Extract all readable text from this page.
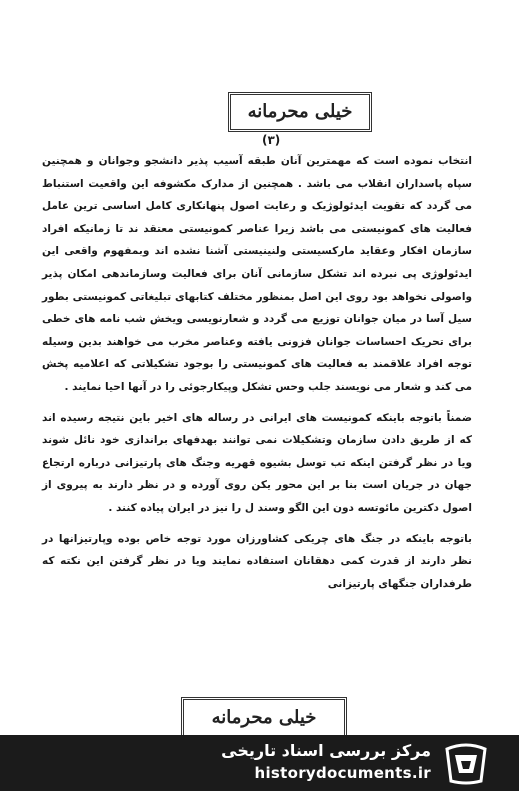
خیلی محرمانه
(۳)

انتخاب نموده است که مهمترین آنان طبقه آسیب پذیر دانشجو وجوانان و همچنین سپاه پاسداران انقلاب می باشد . همچنین از مدارک مکشوفه این واقعیت استنباط می گردد که تقویت ایدئولوژیک و رعایت اصول پنهانکاری کامل اساسی ترین عامل فعالیت های کمونیستی می باشد زیرا عناصر کمونیستی معتقد ند تا زمانیکه افراد سازمان افکار وعقاید مارکسیستی ولنینیستی آشنا نشده اند وبمفهوم واقعی این ایدئولوژی پی نبرده اند تشکل سازمانی آنان برای فعالیت وسازماندهی امکان پذیر واصولی نخواهد بود روی این اصل بمنظور مختلف کتابهای تبلیغاتی کمونیستی بطور سیل آسا در میان جوانان توزیع می گردد و شعارنویسی ویخش شب نامه های خطی برای تحریک احساسات جوانان فزونی یافته وعناصر مخرب می خواهند بدین وسیله توجه افراد علاقمند به فعالیت های کمونیستی را بوجود تشکیلاتی که اعلامیه پخش می کند و شعار می نویسند جلب وحس تشکل وپیکارجوئی را در آنها احیا نمایند .

ضمناً باتوجه باینکه کمونیست های ایرانی در رساله های اخیر باین نتیجه رسیده اند که از طریق دادن سازمان وتشکیلات نمی توانند بهدفهای براندازی خود نائل شوند ویا در نظر گرفتن اینکه تب توسل بشیوه قهریه وجنگ های پارتیزانی درباره ارتجاع جهان در جریان است بنا بر این محور یکن روی آورده و در نظر دارند به پیروی از اصول دکترین مائوتسه دون این الگو وسند ل را نیز در ایران پیاده کنند .

باتوجه باینکه در جنگ های چریکی کشاورزان مورد توجه خاص بوده وپارتیزانها در نظر دارند از قدرت کمی دهقانان استفاده نمایند ویا در نظر گرفتن این نکته که طرفداران جنگهای پارتیزانی

خیلی محرمانه
مرکز بررسی اسناد تاریخی
historydocuments.ir
